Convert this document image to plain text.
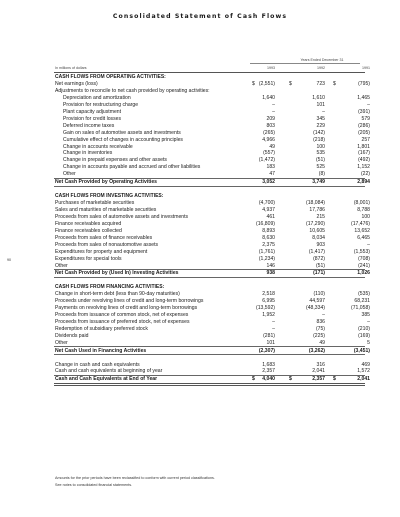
Consolidated Statement of Cash Flows
Years Ended December 31
In millions of dollars	1993	1992	1991
CASH FLOWS FROM OPERATING ACTIVITIES:
Net earnings (loss)	(2,551)	723	(795)
$	$	$
Adjustments to reconcile to net cash provided by operating activities:
Depreciation and amortization	1,640	1,610	1,465
Provision for restructuring charge	–	101	–
Plant capacity adjustment	–	–	(391)
Provision for credit losses	209	345	579
Deferred income taxes	803	229	(286)
Gain on sales of automotive assets and investments	(265)	(142)	(205)
Cumulative effect of changes in accounting principles	4,966	(218)	257
Change in accounts receivable	49	100	1,801
Change in inventories	(557)	535	(167)
Change in prepaid expenses and other assets	(1,472)	(51)	(492)
Change in accounts payable and accrued and other liabilities	183	525	1,152
Other	47	(8)	(22)
Net Cash Provided by Operating Activities	3,052	3,749	2,894
CASH FLOWS FROM INVESTING ACTIVITIES:
Purchases of marketable securities	(4,700)	(18,084)	(8,001)
Sales and maturities of marketable securities	4,937	17,786	8,788
Proceeds from sales of automotive assets and investments	461	215	100
Finance receivables acquired	(16,809)	(17,290)	(17,476)
Finance receivables collected	8,893	10,605	13,652
Proceeds from sales of finance receivables	8,630	8,034	6,465
Proceeds from sales of nonautomotive assets	2,375	903	–
Expenditures for property and equipment	(1,761)	(1,417)	(1,553)
Expenditures for special tools	(1,234)	(872)	(708)
Other	146	(51)	(241)
Net Cash Provided by (Used In) Investing Activities	938	(171)	1,026
CASH FLOWS FROM FINANCING ACTIVITIES:
Change in short-term debt (less than 90-day maturities)	2,518	(110)	(535)
Proceeds under revolving lines of credit and long-term borrowings	6,995	44,597	68,231
Payments on revolving lines of credit and long-term borrowings	(13,592)	(48,334)	(71,058)
Proceeds from issuance of common stock, net of expenses	1,952	–	385
Proceeds from issuance of preferred stock, net of expenses	–	836	–
Redemption of subsidiary preferred stock	–	(75)	(210)
Dividends paid	(281)	(225)	(169)
Other	101	49	5
Net Cash Used in Financing Activities	(2,307)	(3,262)	(3,451)
Change in cash and cash equivalents	1,683	316	469
Cash and cash equivalents at beginning of year	2,357	2,041	1,572
Cash and Cash Equivalents at End of Year	4,040	2,357	2,041
$	$	$
90
Amounts for the prior periods have been reclassified to conform with current period classifications.
See notes to consolidated financial statements.
